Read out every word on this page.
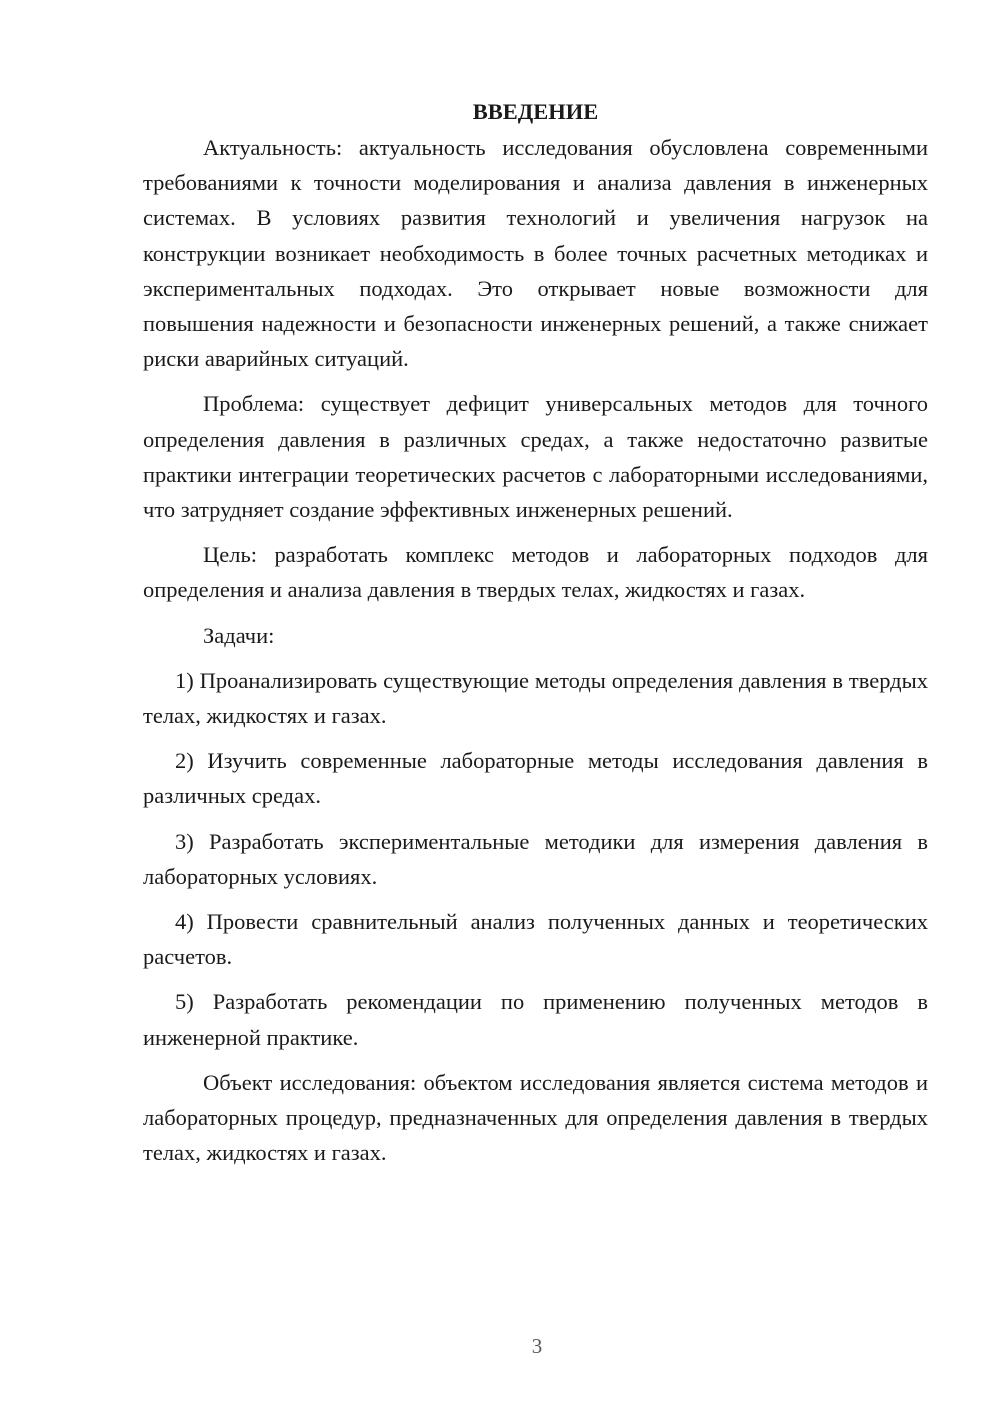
ВВЕДЕНИЕ

Актуальность: актуальность исследования обусловлена современными требованиями к точности моделирования и анализа давления в инженерных системах. В условиях развития технологий и увеличения нагрузок на конструкции возникает необходимость в более точных расчетных методиках и экспериментальных подходах. Это открывает новые возможности для повышения надежности и безопасности инженерных решений, а также снижает риски аварийных ситуаций.

Проблема: существует дефицит универсальных методов для точного определения давления в различных средах, а также недостаточно развитые практики интеграции теоретических расчетов с лабораторными исследованиями, что затрудняет создание эффективных инженерных решений.

Цель: разработать комплекс методов и лабораторных подходов для определения и анализа давления в твердых телах, жидкостях и газах.

Задачи:

1) Проанализировать существующие методы определения давления в твердых телах, жидкостях и газах.

2) Изучить современные лабораторные методы исследования давления в различных средах.

3) Разработать экспериментальные методики для измерения давления в лабораторных условиях.

4) Провести сравнительный анализ полученных данных и теоретических расчетов.

5) Разработать рекомендации по применению полученных методов в инженерной практике.

Объект исследования: объектом исследования является система методов и лабораторных процедур, предназначенных для определения давления в твердых телах, жидкостях и газах.

3
